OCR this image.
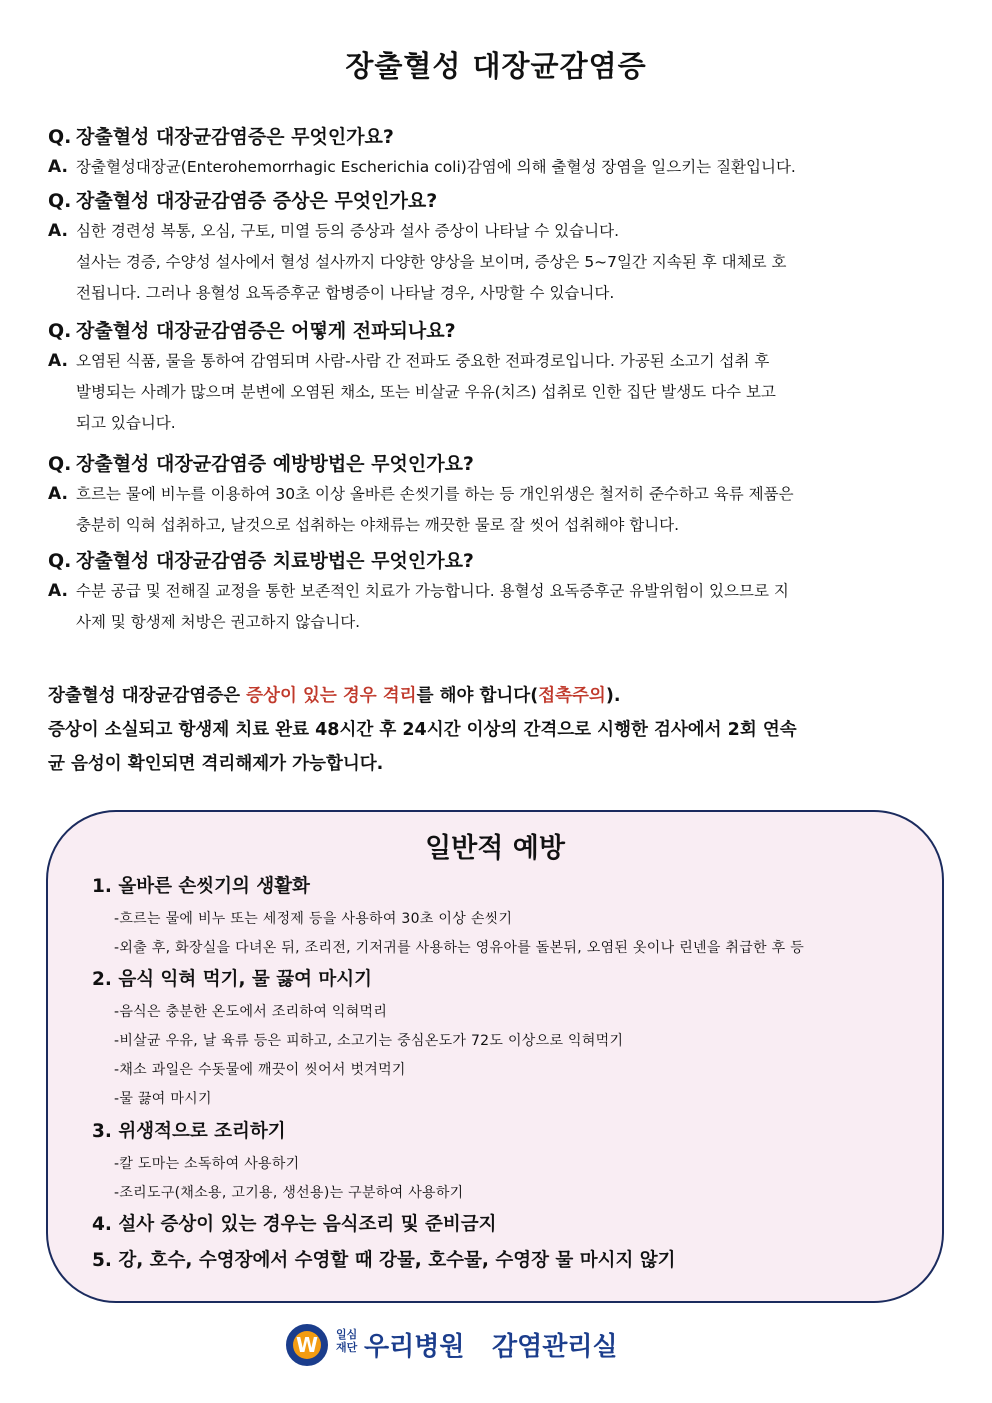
장출혈성 대장균감염증
Q. 장출혈성 대장균감염증은 무엇인가요?
A. 장출혈성대장균(Enterohemorrhagic Escherichia coli)감염에 의해 출혈성 장염을 일으키는 질환입니다.
Q. 장출혈성 대장균감염증 증상은 무엇인가요?
A. 심한 경련성 복통, 오심, 구토, 미열 등의 증상과 설사 증상이 나타날 수 있습니다.
설사는 경증, 수양성 설사에서 혈성 설사까지 다양한 양상을 보이며, 증상은 5~7일간 지속된 후 대체로 호
전됩니다. 그러나 용혈성 요독증후군 합병증이 나타날 경우, 사망할 수 있습니다.
Q. 장출혈성 대장균감염증은 어떻게 전파되나요?
A. 오염된 식품, 물을 통하여 감염되며 사람-사람 간 전파도 중요한 전파경로입니다. 가공된 소고기 섭취 후
발병되는 사례가 많으며 분변에 오염된 채소, 또는 비살균 우유(치즈) 섭취로 인한 집단 발생도 다수 보고
되고 있습니다.
Q. 장출혈성 대장균감염증 예방방법은 무엇인가요?
A. 흐르는 물에 비누를 이용하여 30초 이상 올바른 손씻기를 하는 등 개인위생은 철저히 준수하고 육류 제품은
충분히 익혀 섭취하고, 날것으로 섭취하는 야채류는 깨끗한 물로 잘 씻어 섭취해야 합니다.
Q. 장출혈성 대장균감염증 치료방법은 무엇인가요?
A. 수분 공급 및 전해질 교정을 통한 보존적인 치료가 가능합니다. 용혈성 요독증후군 유발위험이 있으므로 지
사제 및 항생제 처방은 권고하지 않습니다.
장출혈성 대장균감염증은 증상이 있는 경우 격리를 해야 합니다(접촉주의).
증상이 소실되고 항생제 치료 완료 48시간 후 24시간 이상의 간격으로 시행한 검사에서 2회 연속
균 음성이 확인되면 격리해제가 가능합니다.
일반적 예방
1. 올바른 손씻기의 생활화
-흐르는 물에 비누 또는 세정제 등을 사용하여 30초 이상 손씻기
-외출 후, 화장실을 다녀온 뒤, 조리전, 기저귀를 사용하는 영유아를 돌본뒤, 오염된 옷이나 린넨을 취급한 후 등
2. 음식 익혀 먹기, 물 끓여 마시기
-음식은 충분한 온도에서 조리하여 익혀먹리
-비살균 우유, 날 육류 등은 피하고, 소고기는 중심온도가 72도 이상으로 익혀먹기
-채소 과일은 수돗물에 깨끗이 씻어서 벗겨먹기
-물 끓여 마시기
3. 위생적으로 조리하기
-칼 도마는 소독하여 사용하기
-조리도구(채소용, 고기용, 생선용)는 구분하여 사용하기
4. 설사 증상이 있는 경우는 음식조리 및 준비금지
5. 강, 호수, 수영장에서 수영할 때 강물, 호수물, 수영장 물 마시지 않기
W 일심재단 우리병원 감염관리실
